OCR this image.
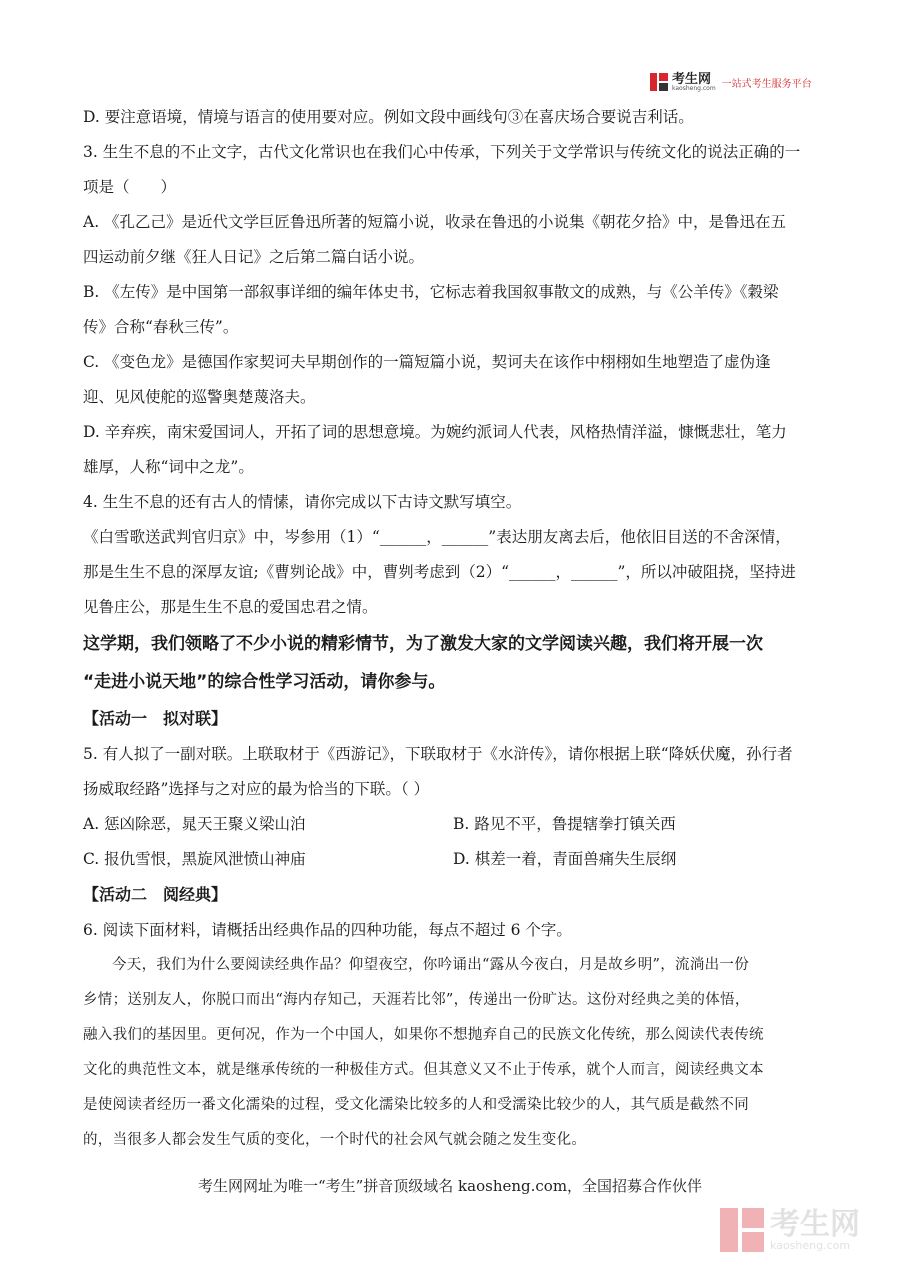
考生网
kaosheng.com 一站式考生服务平台

D. 要注意语境，情境与语言的使用要对应。例如文段中画线句③在喜庆场合要说吉利话。

3. 生生不息的不止文字，古代文化常识也在我们心中传承，下列关于文学常识与传统文化的说法正确的一

项是（　　）

A. 《孔乙己》是近代文学巨匠鲁迅所著的短篇小说，收录在鲁迅的小说集《朝花夕拾》中，是鲁迅在五

四运动前夕继《狂人日记》之后第二篇白话小说。

B. 《左传》是中国第一部叙事详细的编年体史书，它标志着我国叙事散文的成熟，与《公羊传》《穀梁

传》合称“春秋三传”。

C. 《变色龙》是德国作家契诃夫早期创作的一篇短篇小说，契诃夫在该作中栩栩如生地塑造了虚伪逢

迎、见风使舵的巡警奥楚蔑洛夫。

D. 辛弃疾，南宋爱国词人，开拓了词的思想意境。为婉约派词人代表，风格热情洋溢，慷慨悲壮，笔力

雄厚，人称“词中之龙”。

4. 生生不息的还有古人的情愫，请你完成以下古诗文默写填空。

《白雪歌送武判官归京》中，岑参用（1）“______，______”表达朋友离去后，他依旧目送的不舍深情，

那是生生不息的深厚友谊;《曹刿论战》中，曹刿考虑到（2）“______，______”，所以冲破阻挠，坚持进

见鲁庄公，那是生生不息的爱国忠君之情。

这学期，我们领略了不少小说的精彩情节，为了激发大家的文学阅读兴趣，我们将开展一次

“走进小说天地”的综合性学习活动，请你参与。

【活动一　拟对联】

5. 有人拟了一副对联。上联取材于《西游记》，下联取材于《水浒传》，请你根据上联“降妖伏魔，孙行者

扬威取经路”选择与之对应的最为恰当的下联。（ ）

A. 惩凶除恶，晁天王聚义梁山泊	B. 路见不平，鲁提辖拳打镇关西
C. 报仇雪恨，黑旋风泄愤山神庙	D. 棋差一着，青面兽痛失生辰纲

【活动二　阅经典】

6. 阅读下面材料，请概括出经典作品的四种功能，每点不超过 6 个字。

今天，我们为什么要阅读经典作品？仰望夜空，你吟诵出“露从今夜白，月是故乡明”，流淌出一份

乡情；送别友人，你脱口而出“海内存知己，天涯若比邻”，传递出一份旷达。这份对经典之美的体悟，

融入我们的基因里。更何况，作为一个中国人，如果你不想抛弃自己的民族文化传统，那么阅读代表传统

文化的典范性文本，就是继承传统的一种极佳方式。但其意义又不止于传承，就个人而言，阅读经典文本

是使阅读者经历一番文化濡染的过程，受文化濡染比较多的人和受濡染比较少的人，其气质是截然不同

的，当很多人都会发生气质的变化，一个时代的社会风气就会随之发生变化。

考生网网址为唯一“考生”拼音顶级域名 kaosheng.com，全国招募合作伙伴
考生网
kaosheng.com
